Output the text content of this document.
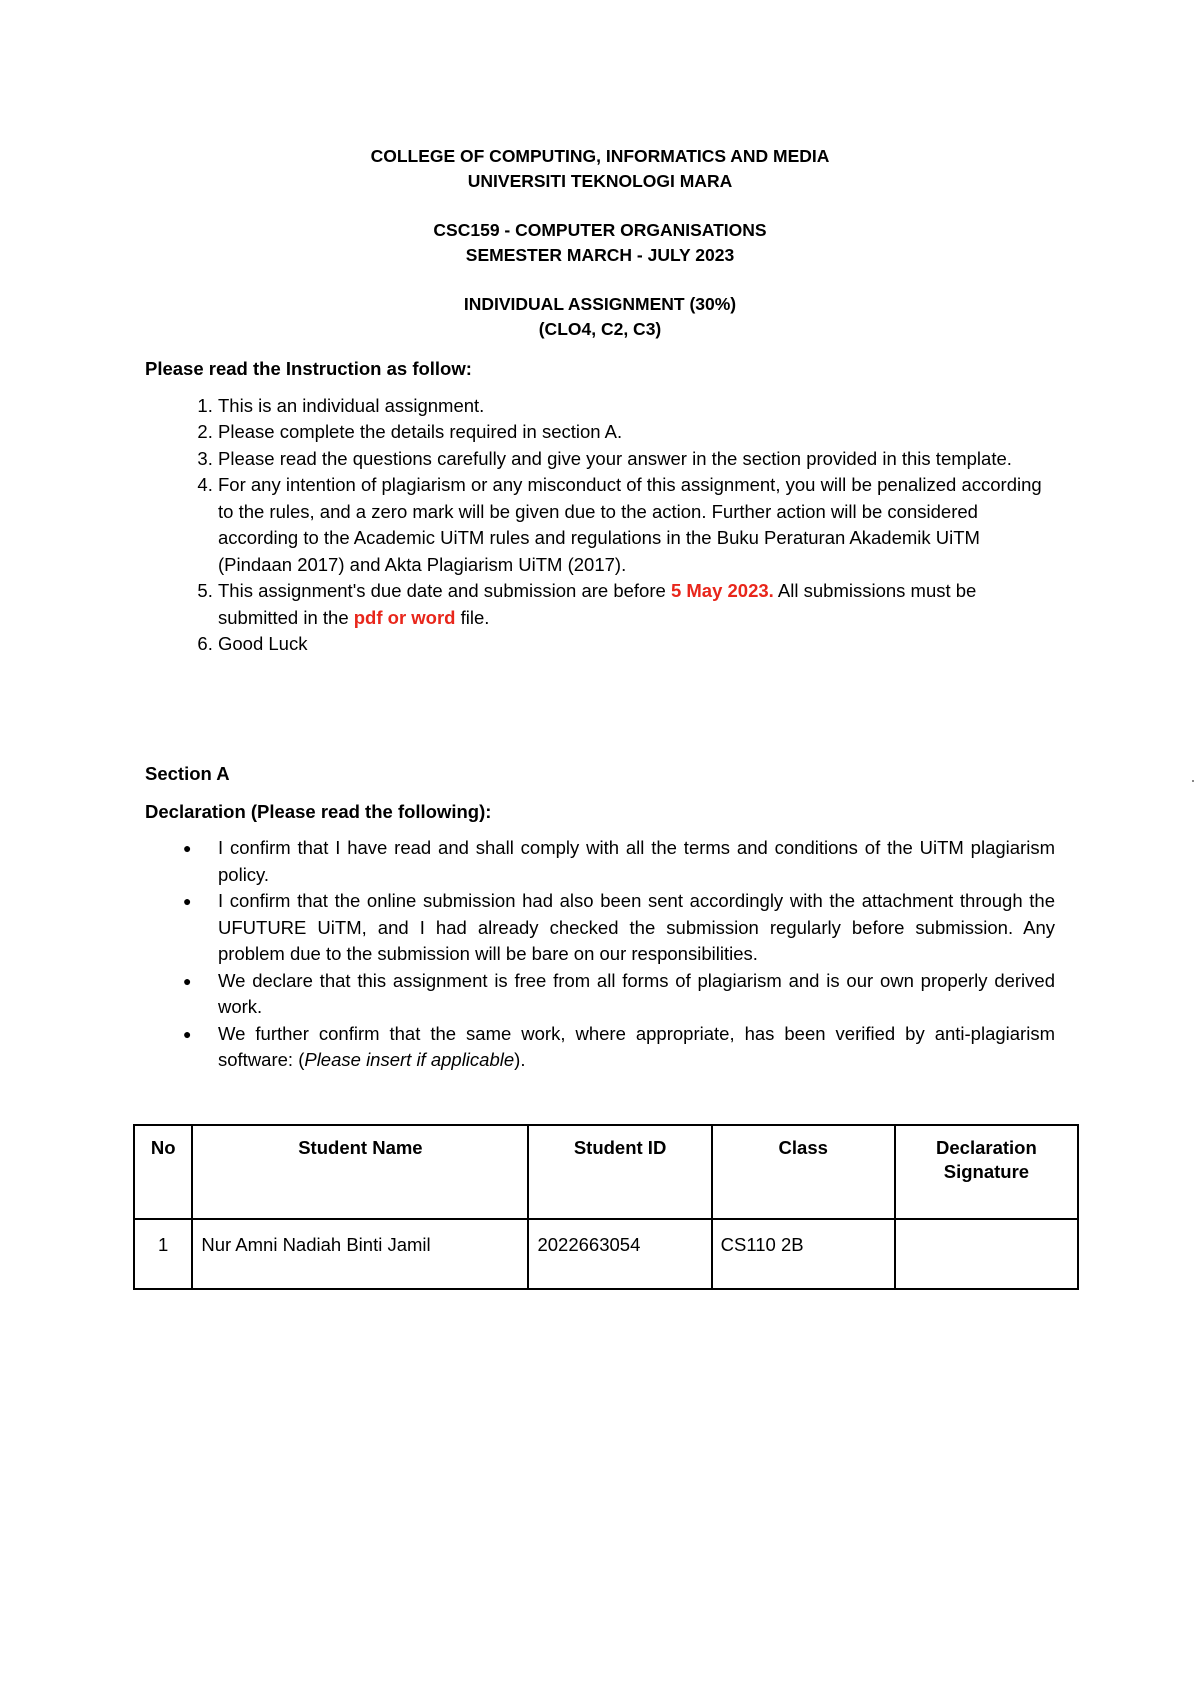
COLLEGE OF COMPUTING, INFORMATICS AND MEDIA
UNIVERSITI TEKNOLOGI MARA
CSC159 - COMPUTER ORGANISATIONS
SEMESTER MARCH - JULY 2023
INDIVIDUAL ASSIGNMENT (30%)
(CLO4, C2, C3)
Please read the Instruction as follow:
1. This is an individual assignment.
2. Please complete the details required in section A.
3. Please read the questions carefully and give your answer in the section provided in this template.
4. For any intention of plagiarism or any misconduct of this assignment, you will be penalized according to the rules, and a zero mark will be given due to the action. Further action will be considered according to the Academic UiTM rules and regulations in the Buku Peraturan Akademik UiTM (Pindaan 2017) and Akta Plagiarism UiTM (2017).
5. This assignment's due date and submission are before 5 May 2023. All submissions must be submitted in the pdf or word file.
6. Good Luck
Section A
Declaration (Please read the following):
● I confirm that I have read and shall comply with all the terms and conditions of the UiTM plagiarism policy.
● I confirm that the online submission had also been sent accordingly with the attachment through the UFUTURE UiTM, and I had already checked the submission regularly before submission. Any problem due to the submission will be bare on our responsibilities.
● We declare that this assignment is free from all forms of plagiarism and is our own properly derived work.
● We further confirm that the same work, where appropriate, has been verified by anti-plagiarism software: (Please insert if applicable).
No	Student Name	Student ID	Class	Declaration Signature
1	Nur Amni Nadiah Binti Jamil	2022663054	CS110 2B	
